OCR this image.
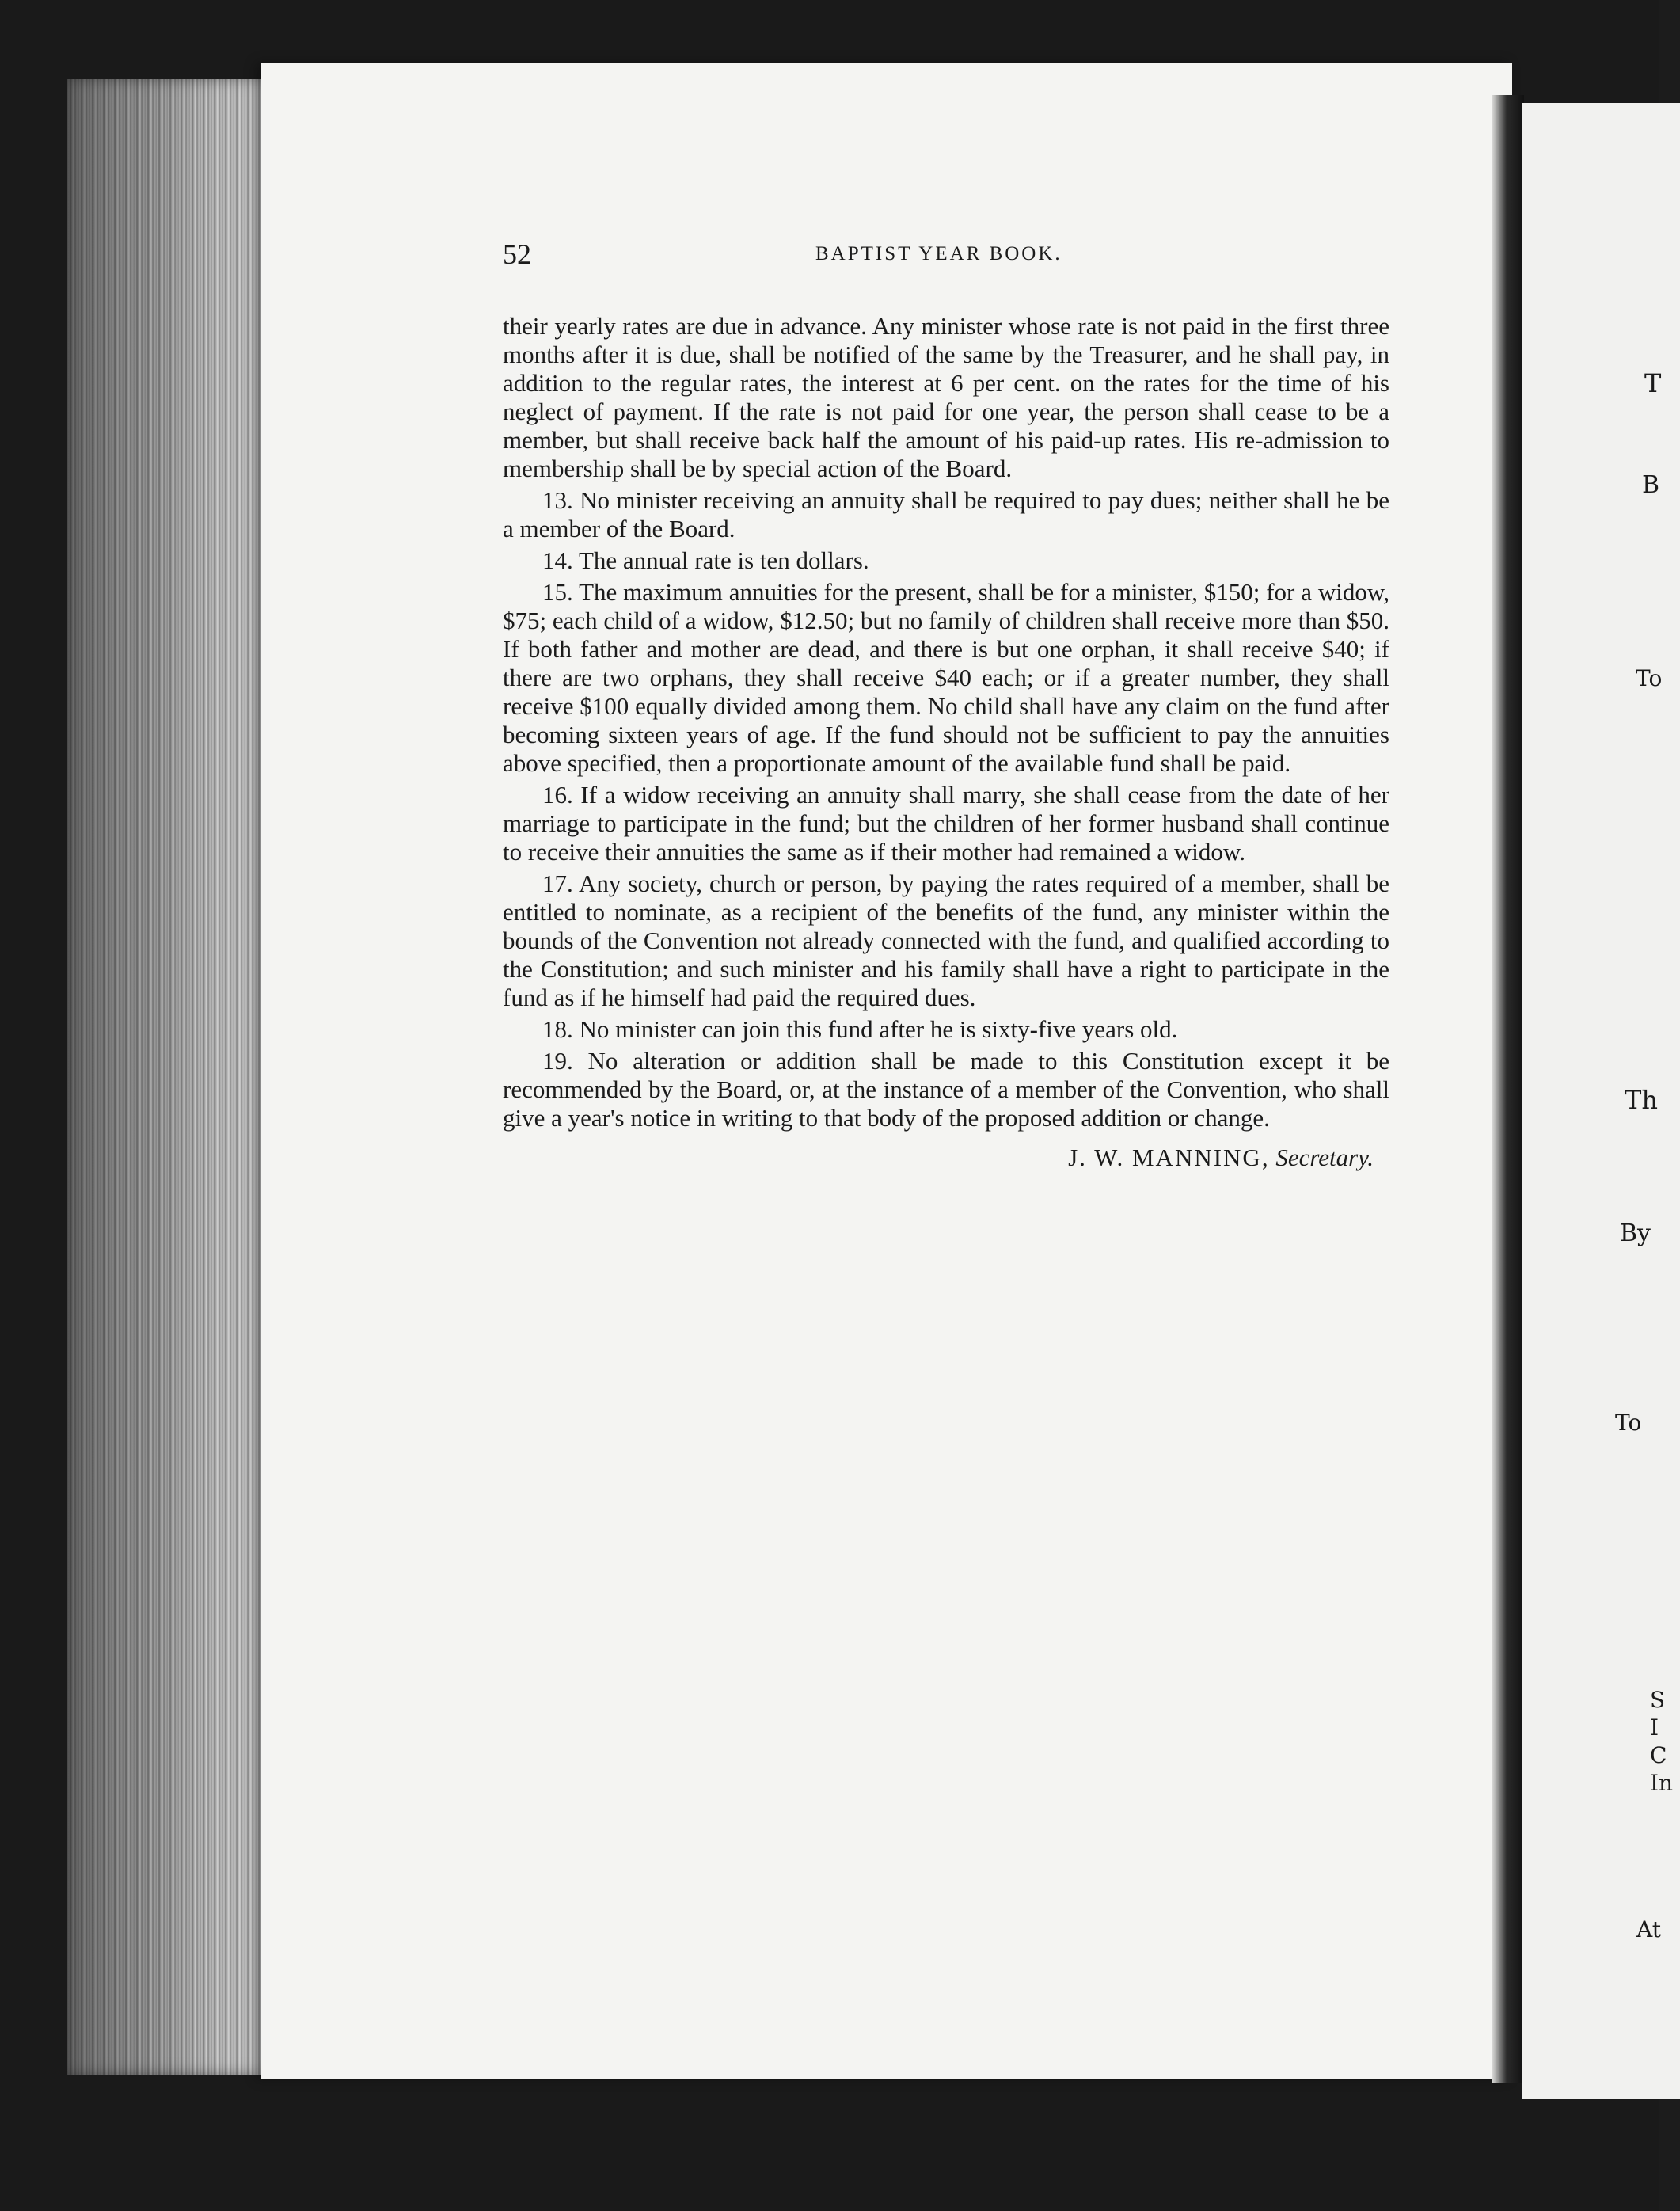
52	BAPTIST YEAR BOOK.

their yearly rates are due in advance. Any minister whose rate is not paid in the first three months after it is due, shall be notified of the same by the Treasurer, and he shall pay, in addition to the regular rates, the interest at 6 per cent. on the rates for the time of his neglect of payment. If the rate is not paid for one year, the person shall cease to be a member, but shall receive back half the amount of his paid-up rates. His re-admission to membership shall be by special action of the Board.

13. No minister receiving an annuity shall be required to pay dues; neither shall he be a member of the Board.

14. The annual rate is ten dollars.

15. The maximum annuities for the present, shall be for a minister, $150; for a widow, $75; each child of a widow, $12.50; but no family of children shall receive more than $50. If both father and mother are dead, and there is but one orphan, it shall receive $40; if there are two orphans, they shall receive $40 each; or if a greater number, they shall receive $100 equally divided among them. No child shall have any claim on the fund after becoming sixteen years of age. If the fund should not be sufficient to pay the annuities above specified, then a proportionate amount of the available fund shall be paid.

16. If a widow receiving an annuity shall marry, she shall cease from the date of her marriage to participate in the fund; but the children of her former husband shall continue to receive their annuities the same as if their mother had remained a widow.

17. Any society, church or person, by paying the rates required of a member, shall be entitled to nominate, as a recipient of the benefits of the fund, any minister within the bounds of the Convention not already connected with the fund, and qualified according to the Constitution; and such minister and his family shall have a right to participate in the fund as if he himself had paid the required dues.

18. No minister can join this fund after he is sixty-five years old.

19. No alteration or addition shall be made to this Constitution except it be recommended by the Board, or, at the instance of a member of the Convention, who shall give a year's notice in writing to that body of the proposed addition or change.

J. W. MANNING, Secretary.
T
B
To
Th
By
To
S
I
C
In
At
